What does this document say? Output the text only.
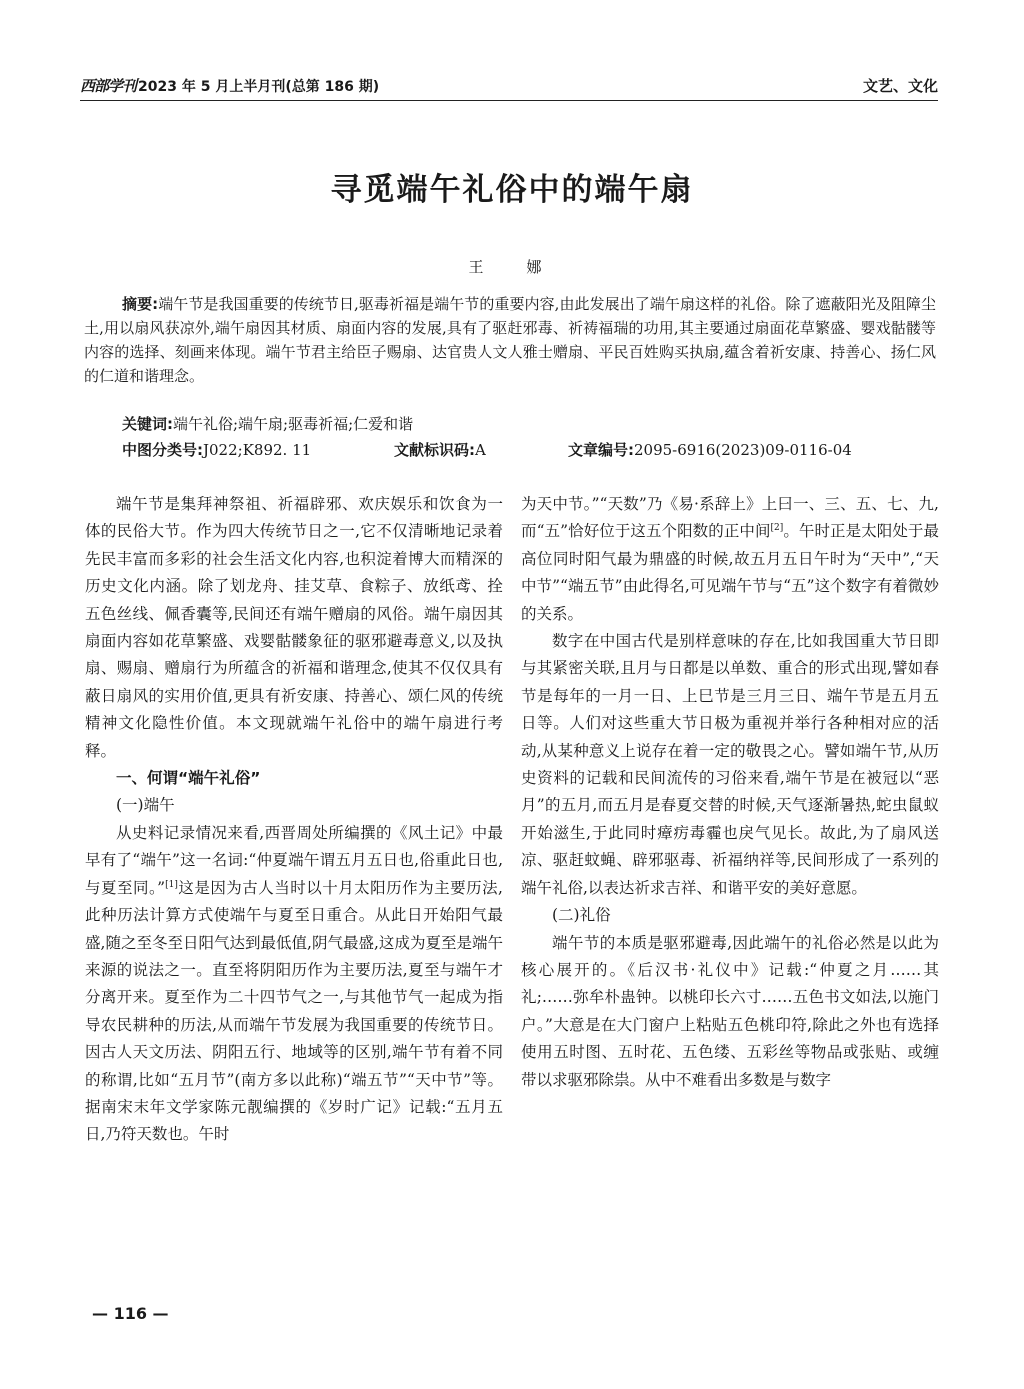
西部学刊 2023 年 5 月上半月刊(总第 186 期)	文艺、文化
寻觅端午礼俗中的端午扇
王　娜
摘要:端午节是我国重要的传统节日,驱毒祈福是端午节的重要内容,由此发展出了端午扇这样的礼俗。除了遮蔽阳光及阻障尘土,用以扇风获凉外,端午扇因其材质、扇面内容的发展,具有了驱赶邪毒、祈祷福瑞的功用,其主要通过扇面花草繁盛、婴戏骷髅等内容的选择、刻画来体现。端午节君主给臣子赐扇、达官贵人文人雅士赠扇、平民百姓购买执扇,蕴含着祈安康、持善心、扬仁风的仁道和谐理念。
关键词:端午礼俗;端午扇;驱毒祈福;仁爱和谐
中图分类号:J022;K892. 11	文献标识码:A	文章编号:2095-6916(2023)09-0116-04

端午节是集拜神祭祖、祈福辟邪、欢庆娱乐和饮食为一体的民俗大节。作为四大传统节日之一,它不仅清晰地记录着先民丰富而多彩的社会生活文化内容,也积淀着博大而精深的历史文化内涵。除了划龙舟、挂艾草、食粽子、放纸鸢、拴五色丝线、佩香囊等,民间还有端午赠扇的风俗。端午扇因其扇面内容如花草繁盛、戏婴骷髅象征的驱邪避毒意义,以及执扇、赐扇、赠扇行为所蕴含的祈福和谐理念,使其不仅仅具有蔽日扇风的实用价值,更具有祈安康、持善心、颂仁风的传统精神文化隐性价值。本文现就端午礼俗中的端午扇进行考释。

一、何谓“端午礼俗”

(一)端午

从史料记录情况来看,西晋周处所编撰的《风土记》中最早有了“端午”这一名词:“仲夏端午谓五月五日也,俗重此日也,与夏至同。”[1]这是因为古人当时以十月太阳历作为主要历法,此种历法计算方式使端午与夏至日重合。从此日开始阳气最盛,随之至冬至日阳气达到最低值,阴气最盛,这成为夏至是端午来源的说法之一。直至将阴阳历作为主要历法,夏至与端午才分离开来。夏至作为二十四节气之一,与其他节气一起成为指导农民耕种的历法,从而端午节发展为我国重要的传统节日。因古人天文历法、阴阳五行、地域等的区别,端午节有着不同的称谓,比如“五月节”(南方多以此称)“端五节”“天中节”等。据南宋末年文学家陈元靓编撰的《岁时广记》记载:“五月五日,乃符天数也。午时

为天中节。”“天数”乃《易·系辞上》上曰一、三、五、七、九,而“五”恰好位于这五个阳数的正中间[2]。午时正是太阳处于最高位同时阳气最为鼎盛的时候,故五月五日午时为“天中”,“天中节”“端五节”由此得名,可见端午节与“五”这个数字有着微妙的关系。

数字在中国古代是别样意味的存在,比如我国重大节日即与其紧密关联,且月与日都是以单数、重合的形式出现,譬如春节是每年的一月一日、上巳节是三月三日、端午节是五月五日等。人们对这些重大节日极为重视并举行各种相对应的活动,从某种意义上说存在着一定的敬畏之心。譬如端午节,从历史资料的记载和民间流传的习俗来看,端午节是在被冠以“恶月”的五月,而五月是春夏交替的时候,天气逐渐暑热,蛇虫鼠蚁开始滋生,于此同时瘴疠毒霾也戾气见长。故此,为了扇风送凉、驱赶蚊蝇、辟邪驱毒、祈福纳祥等,民间形成了一系列的端午礼俗,以表达祈求吉祥、和谐平安的美好意愿。

(二)礼俗

端午节的本质是驱邪避毒,因此端午的礼俗必然是以此为核心展开的。《后汉书·礼仪中》记载:“仲夏之月……其礼;……弥牟朴蛊钟。以桃印长六寸……五色书文如法,以施门户。”大意是在大门窗户上粘贴五色桃印符,除此之外也有选择使用五时图、五时花、五色缕、五彩丝等物品或张贴、或缠带以求驱邪除祟。从中不难看出多数是与数字

— 116 —
